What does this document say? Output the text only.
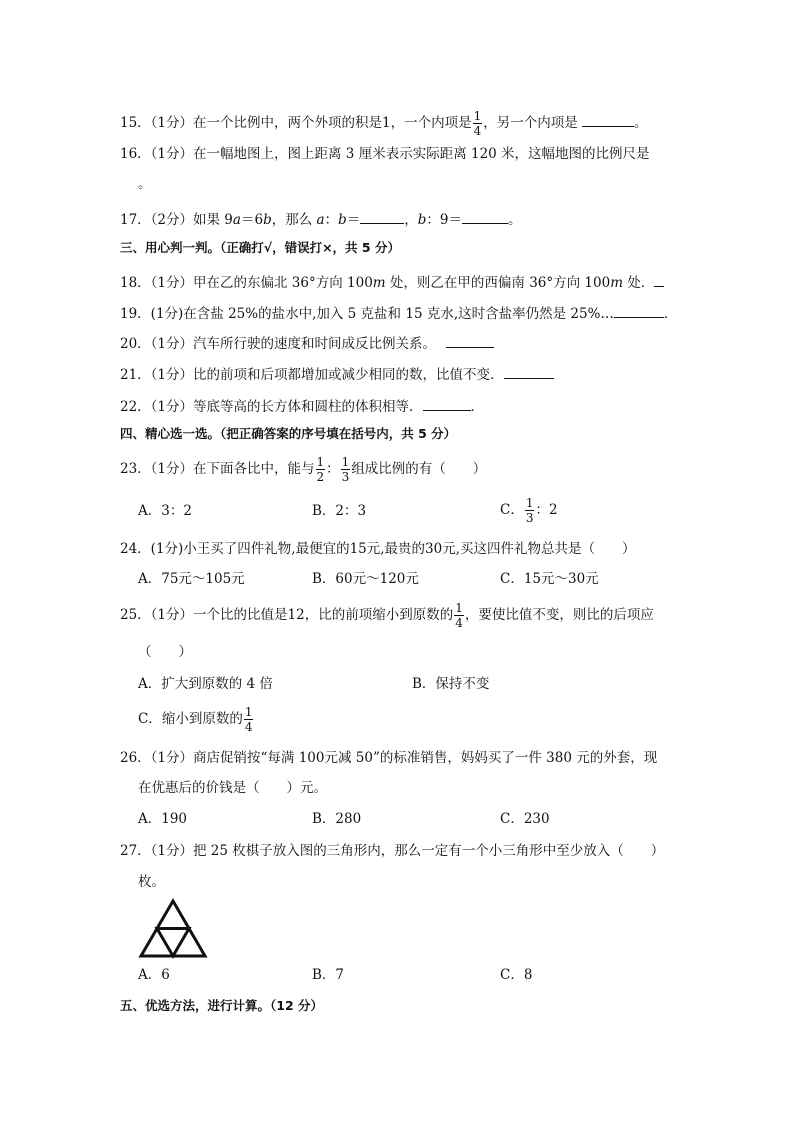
15．（1分）在一个比例中，两个外项的积是1，一个内项是 $\frac{1}{4}$ ，另一个内项是	。
16．（1分）在一幅地图上，图上距离 3 厘米表示实际距离 120 米，这幅地图的比例尺是
。
17．（2分）如果 9a＝6b，那么 a：b＝	，b：9＝	。
三、用心判一判。（正确打√，错误打×，共 5 分）
18．（1分）甲在乙的东偏北 36°方向 100m 处，则乙在甲的西偏南 36°方向 100m 处．
19．(1分)在含盐 25%的盐水中,加入 5 克盐和 15 克水,这时含盐率仍然是 25%…	．
20．（1分）汽车所行驶的速度和时间成反比例关系。
21．（1分）比的前项和后项都增加或减少相同的数，比值不变．
22．（1分）等底等高的长方体和圆柱的体积相等．	．
四、精心选一选。（把正确答案的序号填在括号内，共 5 分）
23．（1分）在下面各比中，能与 $\frac{1}{2}$ ： $\frac{1}{3}$ 组成比例的有（　　）
A．3：2	B．2：3	C． $\frac{1}{3}$ ：2
24．(1分)小王买了四件礼物,最便宜的15元,最贵的30元,买这四件礼物总共是（　　）
A．75元～105元	B．60元～120元	C．15元～30元
25．（1分）一个比的比值是12，比的前项缩小到原数的 $\frac{1}{4}$ ，要使比值不变，则比的后项应
（　　）
A．扩大到原数的 4 倍	B．保持不变
C．缩小到原数的 $\frac{1}{4}$
26．（1分）商店促销按“每满 100元减 50”的标准销售，妈妈买了一件 380 元的外套，现
在优惠后的价钱是（　　）元。
A．190	B．280	C．230
27．（1分）把 25 枚棋子放入图的三角形内，那么一定有一个小三角形中至少放入（　　）
枚。
A．6	B．7	C．8
五、优选方法，进行计算。（12 分）
